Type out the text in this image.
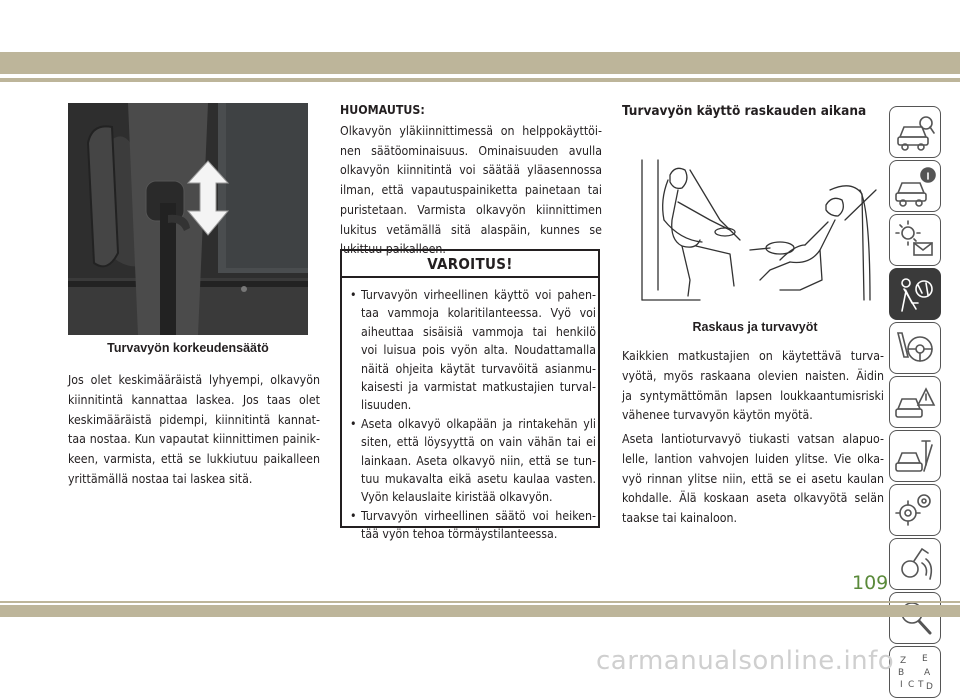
Turvavyön korkeudensäätö
Jos olet keskimääräistä lyhyempi, olkavyön
kiinnitintä kannattaa laskea. Jos taas olet
keskimääräistä pidempi, kiinnitintä kannat-
taa nostaa. Kun vapautat kiinnittimen painik-
keen, varmista, että se lukkiutuu paikalleen
yrittämällä nostaa tai laskea sitä.
HUOMAUTUS:
Olkavyön yläkiinnittimessä on helppokäyttöi-
nen säätöominaisuus. Ominaisuuden avulla
olkavyön kiinnitintä voi säätää yläasennossa
ilman, että vapautuspainiketta painetaan tai
puristetaan. Varmista olkavyön kiinnittimen
lukitus vetämällä sitä alaspäin, kunnes se
lukittuu paikalleen.
VAROITUS!
• Turvavyön virheellinen käyttö voi pahen-
taa vammoja kolaritilanteessa. Vyö voi
aiheuttaa sisäisiä vammoja tai henkilö
voi luisua pois vyön alta. Noudattamalla
näitä ohjeita käytät turvavöitä asianmu-
kaisesti ja varmistat matkustajien turval-
lisuuden.
• Aseta olkavyö olkapään ja rintakehän yli
siten, että löysyyttä on vain vähän tai ei
lainkaan. Aseta olkavyö niin, että se tun-
tuu mukavalta eikä asetu kaulaa vasten.
Vyön kelauslaite kiristää olkavyön.
• Turvavyön virheellinen säätö voi heiken-
tää vyön tehoa törmäystilanteessa.
Turvavyön käyttö raskauden aikana
Raskaus ja turvavyöt
Kaikkien matkustajien on käytettävä turva-
vyötä, myös raskaana olevien naisten. Äidin
ja syntymättömän lapsen loukkaantumisriski
vähenee turvavyön käytön myötä.
Aseta lantioturvavyö tiukasti vatsan alapuo-
lelle, lantion vahvojen luiden ylitse. Vie olka-
vyö rinnan ylitse niin, että se ei asetu kaulan
kohdalle. Älä koskaan aseta olkavyötä selän
taakse tai kainaloon.
Z E
B A
I C T D
109
carmanualsonline.info
